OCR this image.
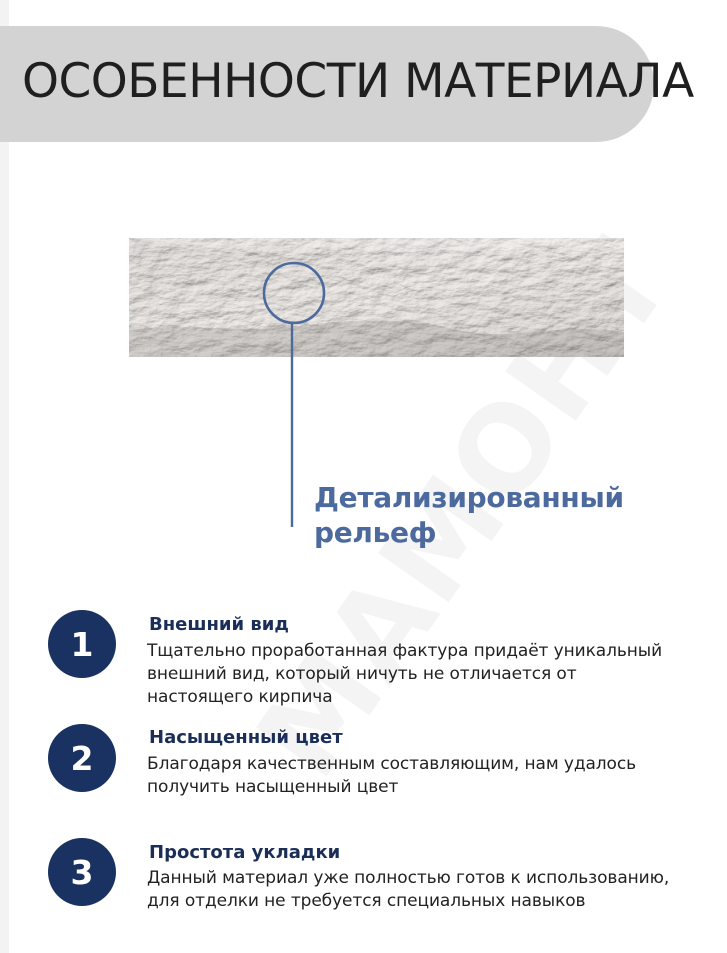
ОСОБЕННОСТИ МАТЕРИАЛА
Детализированный
рельеф
1	Внешний вид
Тщательно проработанная фактура придаёт уникальный
внешний вид, который ничуть не отличается от
настоящего кирпича
2
Насыщенный цвет
Благодаря качественным составляющим, нам удалось
получить насыщенный цвет
3	Простота укладки
Данный материал уже полностью готов к использованию,
для отделки не требуется специальных навыков
